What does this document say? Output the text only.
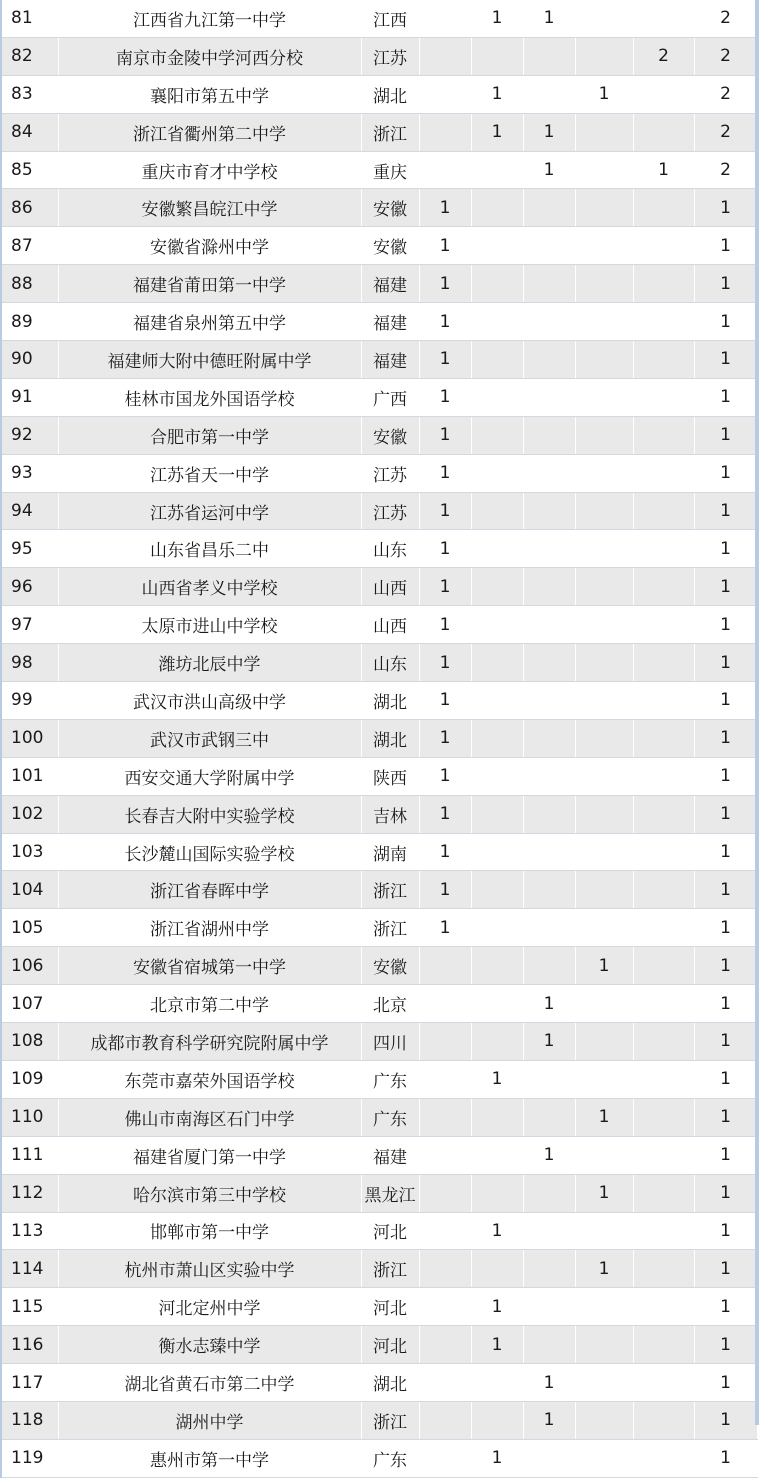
81	江西省九江第一中学	江西		1	1			2
82	南京市金陵中学河西分校	江苏					2	2
83	襄阳市第五中学	湖北		1		1		2
84	浙江省衢州第二中学	浙江		1	1			2
85	重庆市育才中学校	重庆			1		1	2
86	安徽繁昌皖江中学	安徽	1					1
87	安徽省滁州中学	安徽	1					1
88	福建省莆田第一中学	福建	1					1
89	福建省泉州第五中学	福建	1					1
90	福建师大附中德旺附属中学	福建	1					1
91	桂林市国龙外国语学校	广西	1					1
92	合肥市第一中学	安徽	1					1
93	江苏省天一中学	江苏	1					1
94	江苏省运河中学	江苏	1					1
95	山东省昌乐二中	山东	1					1
96	山西省孝义中学校	山西	1					1
97	太原市进山中学校	山西	1					1
98	潍坊北辰中学	山东	1					1
99	武汉市洪山高级中学	湖北	1					1
100	武汉市武钢三中	湖北	1					1
101	西安交通大学附属中学	陕西	1					1
102	长春吉大附中实验学校	吉林	1					1
103	长沙麓山国际实验学校	湖南	1					1
104	浙江省春晖中学	浙江	1					1
105	浙江省湖州中学	浙江	1					1
106	安徽省宿城第一中学	安徽				1		1
107	北京市第二中学	北京			1			1
108	成都市教育科学研究院附属中学	四川			1			1
109	东莞市嘉荣外国语学校	广东		1				1
110	佛山市南海区石门中学	广东				1		1
111	福建省厦门第一中学	福建			1			1
112	哈尔滨市第三中学校	黑龙江				1		1
113	邯郸市第一中学	河北		1				1
114	杭州市萧山区实验中学	浙江				1		1
115	河北定州中学	河北		1				1
116	衡水志臻中学	河北		1				1
117	湖北省黄石市第二中学	湖北			1			1
118	湖州中学	浙江			1			1
119	惠州市第一中学	广东		1				1
